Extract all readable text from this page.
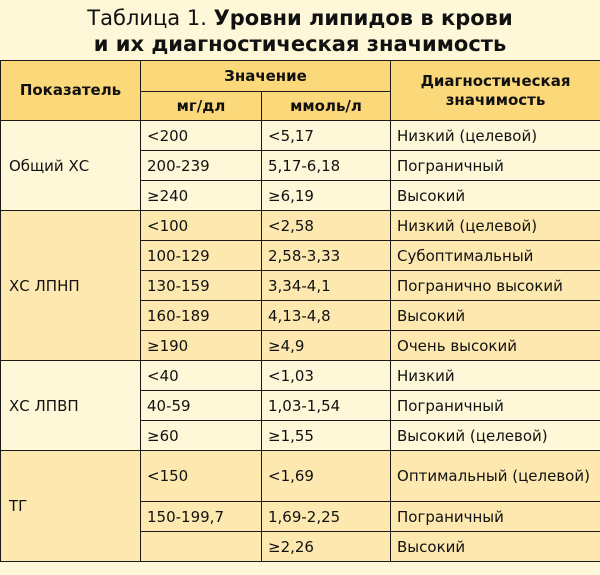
Таблица 1. Уровни липидов в крови
и их диагностическая значимость
Показатель	Значение		Диагностическая значимость
	мг/дл	ммоль/л	
Общий ХС	<200	<5,17	Низкий (целевой)
	200-239	5,17-6,18	Пограничный
	≥240	≥6,19	Высокий
ХС ЛПНП	<100	<2,58	Низкий (целевой)
	100-129	2,58-3,33	Субоптимальный
	130-159	3,34-4,1	Погранично высокий
	160-189	4,13-4,8	Высокий
	≥190	≥4,9	Очень высокий
ХС ЛПВП	<40	<1,03	Низкий
	40-59	1,03-1,54	Пограничный
	≥60	≥1,55	Высокий (целевой)
ТГ	<150	<1,69	Оптимальный (целевой)
	150-199,7	1,69-2,25	Пограничный
		≥2,26	Высокий
